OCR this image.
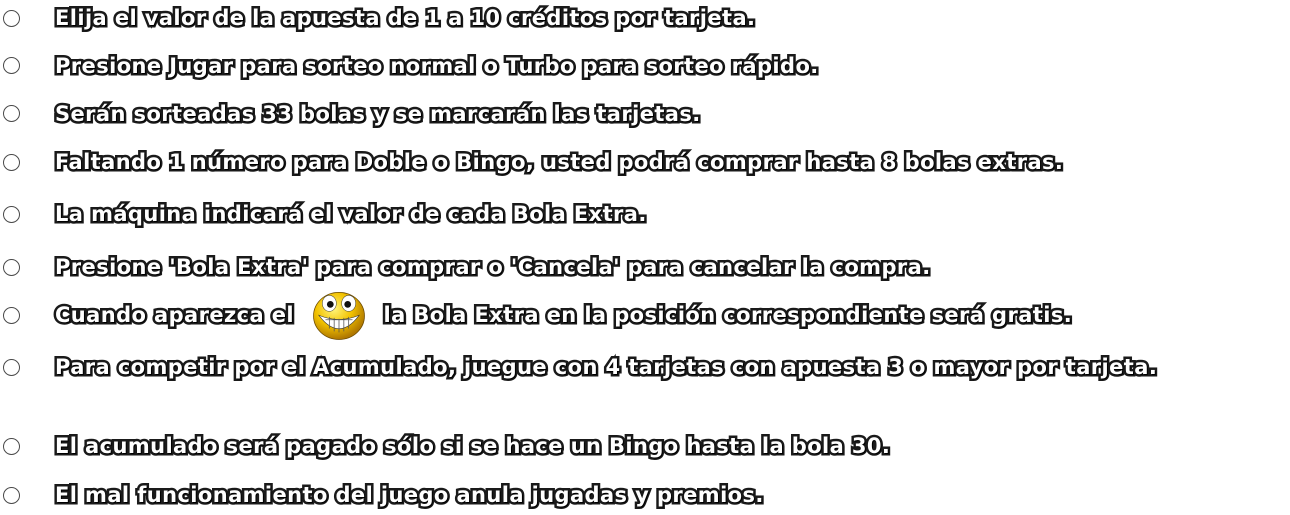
Elija el valor de la apuesta de 1 a 10 créditos por tarjeta.
Presione Jugar para sorteo normal o Turbo para sorteo rápido.
Serán sorteadas 33 bolas y se marcarán las tarjetas.
Faltando 1 número para Doble o Bingo, usted podrá comprar hasta 8 bolas extras.
La máquina indicará el valor de cada Bola Extra.
Presione 'Bola Extra' para comprar o 'Cancela' para cancelar la compra.
Cuando aparezca el	la Bola Extra en la posición correspondiente será gratis.
Para competir por el Acumulado, juegue con 4 tarjetas con apuesta 3 o mayor por tarjeta.
El acumulado será pagado sólo si se hace un Bingo hasta la bola 30.
El mal funcionamiento del juego anula jugadas y premios.
